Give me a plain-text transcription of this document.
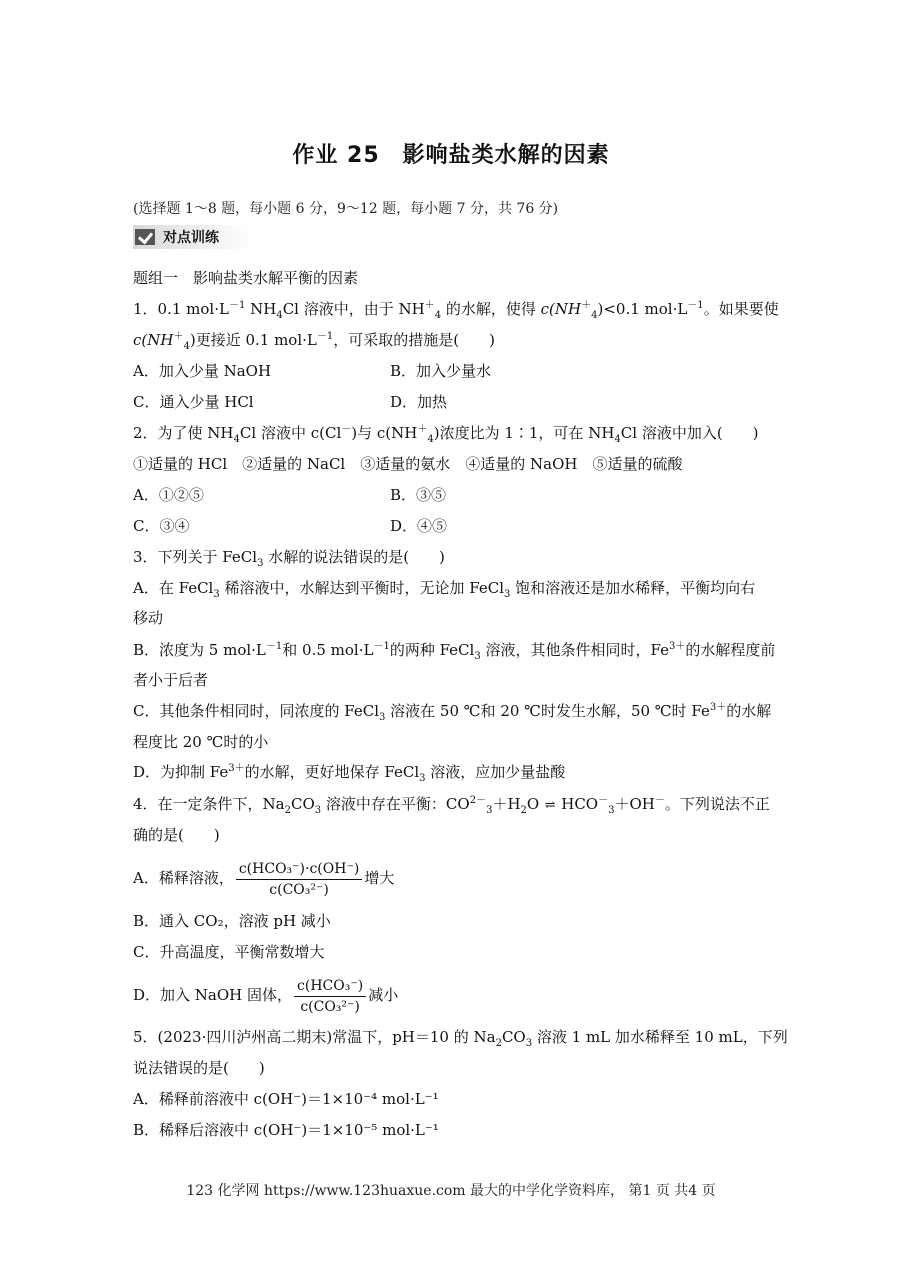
作业 25　影响盐类水解的因素
(选择题 1～8 题，每小题 6 分，9～12 题，每小题 7 分，共 76 分)
对点训练
题组一　影响盐类水解平衡的因素
1．0.1 $mol\cdot L^{-1}$ $NH_4Cl$ 溶液中，由于 $NH^+_4$ 的水解，使得 $c(NH^+_4)<0.1$ $mol\cdot L^{-1}$。如果要使
$c(NH^+_4)$更接近 0.1 $mol\cdot L^{-1}$，可采取的措施是(　　)
A．加入少量 NaOH	B．加入少量水
C．通入少量 HCl	D．加热
2．为了使 $NH_4Cl$ 溶液中 c(Cl－)与 $c(NH^+_4)$浓度比为 1∶1，可在 $NH_4Cl$ 溶液中加入(　　)
①适量的 HCl　②适量的 NaCl　③适量的氨水　④适量的 NaOH　⑤适量的硫酸
A．①②⑤	B．③⑤
C．③④	D．④⑤
3．下列关于 FeCl$_3$ 水解的说法错误的是(　　)
A．在 FeCl$_3$ 稀溶液中，水解达到平衡时，无论加 FeCl$_3$ 饱和溶液还是加水稀释，平衡均向右
移动
B．浓度为 5 $mol\cdot L^{-1}$和 0.5 $mol\cdot L^{-1}$的两种 FeCl$_3$ 溶液，其他条件相同时，$Fe^{3+}$的水解程度前
者小于后者
C．其他条件相同时，同浓度的 FeCl$_3$ 溶液在 50 ℃和 20 ℃时发生水解，50 ℃时 $Fe^{3+}$的水解
程度比 20 ℃时的小
D．为抑制 $Fe^{3+}$的水解，更好地保存 FeCl$_3$ 溶液，应加少量盐酸
4．在一定条件下，$Na_2CO_3$ 溶液中存在平衡：$CO^{2-}_3+H_2O$ ⇌ $HCO^-_3+OH^-$。下列说法不正
确的是(　　)
A．稀释溶液， $\frac{\text{c(HCO₃⁻)·c(OH⁻)}}{\text{c(CO₃²⁻)}}$ 增大
B．通入 CO₂，溶液 pH 减小
C．升高温度，平衡常数增大
D．加入 NaOH 固体， $\frac{\text{c(HCO₃⁻)}}{\text{c(CO₃²⁻)}}$ 减小
5．(2023·四川泸州高二期末)常温下，pH＝10 的 $Na_2CO_3$ 溶液 1 mL 加水稀释至 10 mL，下列
说法错误的是(　　)
A．稀释前溶液中 c(OH⁻)＝1×10⁻⁴ mol·L⁻¹
B．稀释后溶液中 c(OH⁻)＝1×10⁻⁵ mol·L⁻¹
123 化学网 https://www.123huaxue.com 最大的中学化学资料库， 第1 页 共4 页
